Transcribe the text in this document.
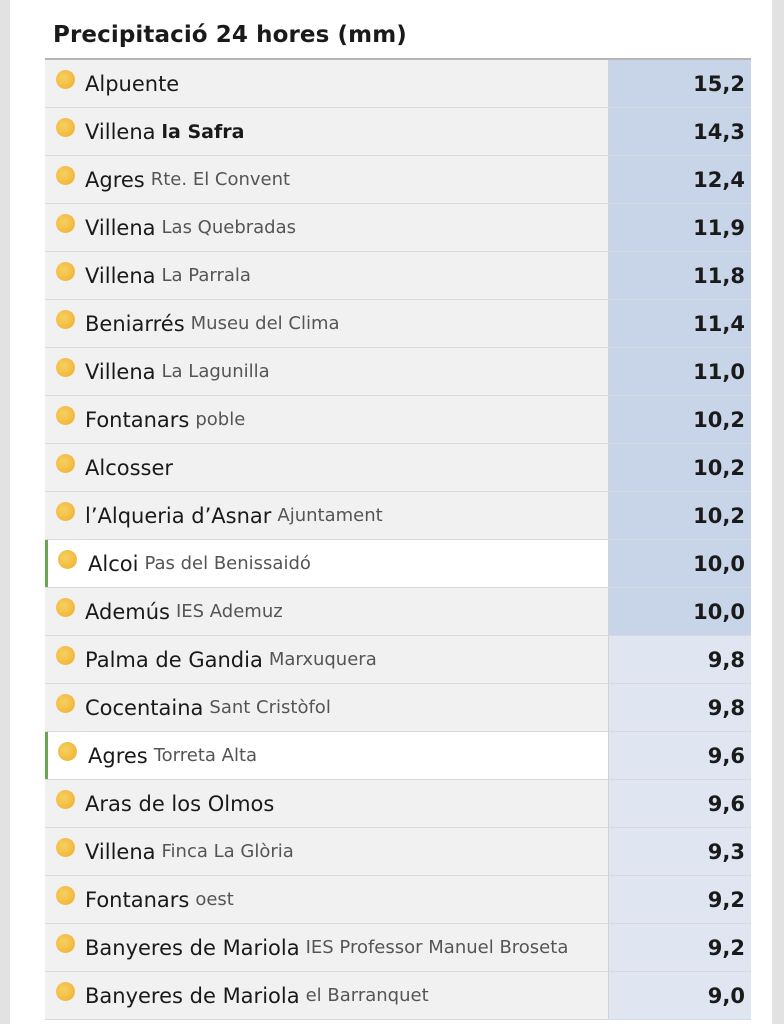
Precipitació 24 hores (mm)
Alpuente	15,2
Villena la Safra	14,3
Agres Rte. El Convent	12,4
Villena Las Quebradas	11,9
Villena La Parrala	11,8
Beniarrés Museu del Clima	11,4
Villena La Lagunilla	11,0
Fontanars poble	10,2
Alcosser	10,2
l’Alqueria d’Asnar Ajuntament	10,2
Alcoi Pas del Benissaidó	10,0
Ademús IES Ademuz	10,0
Palma de Gandia Marxuquera	9,8
Cocentaina Sant Cristòfol	9,8
Agres Torreta Alta	9,6
Aras de los Olmos	9,6
Villena Finca La Glòria	9,3
Fontanars oest	9,2
Banyeres de Mariola IES Professor Manuel Broseta	9,2
Banyeres de Mariola el Barranquet	9,0
